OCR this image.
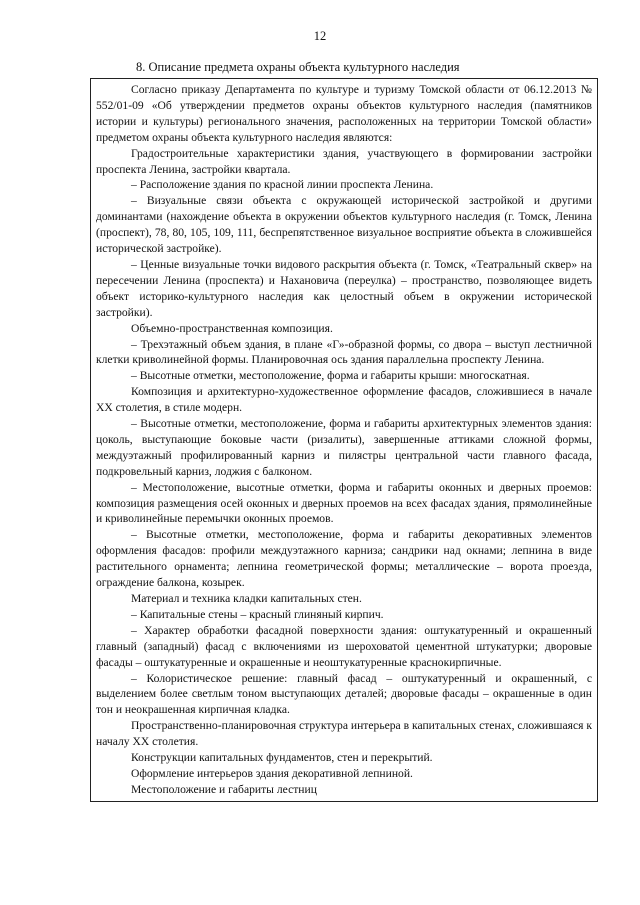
12
8. Описание предмета охраны объекта культурного наследия

Согласно приказу Департамента по культуре и туризму Томской области от 06.12.2013 № 552/01-09 «Об утверждении предметов охраны объектов культурного наследия (памятников истории и культуры) регионального значения, расположенных на территории Томской области» предметом охраны объекта культурного наследия являются:

Градостроительные характеристики здания, участвующего в формировании застройки проспекта Ленина, застройки квартала.

– Расположение здания по красной линии проспекта Ленина.

– Визуальные связи объекта с окружающей исторической застройкой и другими доминантами (нахождение объекта в окружении объектов культурного наследия (г. Томск, Ленина (проспект), 78, 80, 105, 109, 111, беспрепятственное визуальное восприятие объекта в сложившейся исторической застройке).

– Ценные визуальные точки видового раскрытия объекта (г. Томск, «Театральный сквер» на пересечении Ленина (проспекта) и Нахановича (переулка) – пространство, позволяющее видеть объект историко-культурного наследия как целостный объем в окружении исторической застройки).

Объемно-пространственная композиция.

– Трехэтажный объем здания, в плане «Г»-образной формы, со двора – выступ лестничной клетки криволинейной формы. Планировочная ось здания параллельна проспекту Ленина.

– Высотные отметки, местоположение, форма и габариты крыши: многоскатная.

Композиция и архитектурно-художественное оформление фасадов, сложившиеся в начале XX столетия, в стиле модерн.

– Высотные отметки, местоположение, форма и габариты архитектурных элементов здания: цоколь, выступающие боковые части (ризалиты), завершенные аттиками сложной формы, междуэтажный профилированный карниз и пилястры центральной части главного фасада, подкровельный карниз, лоджия с балконом.

– Местоположение, высотные отметки, форма и габариты оконных и дверных проемов: композиция размещения осей оконных и дверных проемов на всех фасадах здания, прямолинейные и криволинейные перемычки оконных проемов.

– Высотные отметки, местоположение, форма и габариты декоративных элементов оформления фасадов: профили междуэтажного карниза; сандрики над окнами; лепнина в виде растительного орнамента; лепнина геометрической формы; металлические – ворота проезда, ограждение балкона, козырек.

Материал и техника кладки капитальных стен.

– Капитальные стены – красный глиняный кирпич.

– Характер обработки фасадной поверхности здания: оштукатуренный и окрашенный главный (западный) фасад с включениями из шероховатой цементной штукатурки; дворовые фасады – оштукатуренные и окрашенные и неоштукатуренные краснокирпичные.

– Колористическое решение: главный фасад – оштукатуренный и окрашенный, с выделением более светлым тоном выступающих деталей; дворовые фасады – окрашенные в один тон и неокрашенная кирпичная кладка.

Пространственно-планировочная структура интерьера в капитальных стенах, сложившаяся к началу XX столетия.

Конструкции капитальных фундаментов, стен и перекрытий.

Оформление интерьеров здания декоративной лепниной.

Местоположение и габариты лестниц
